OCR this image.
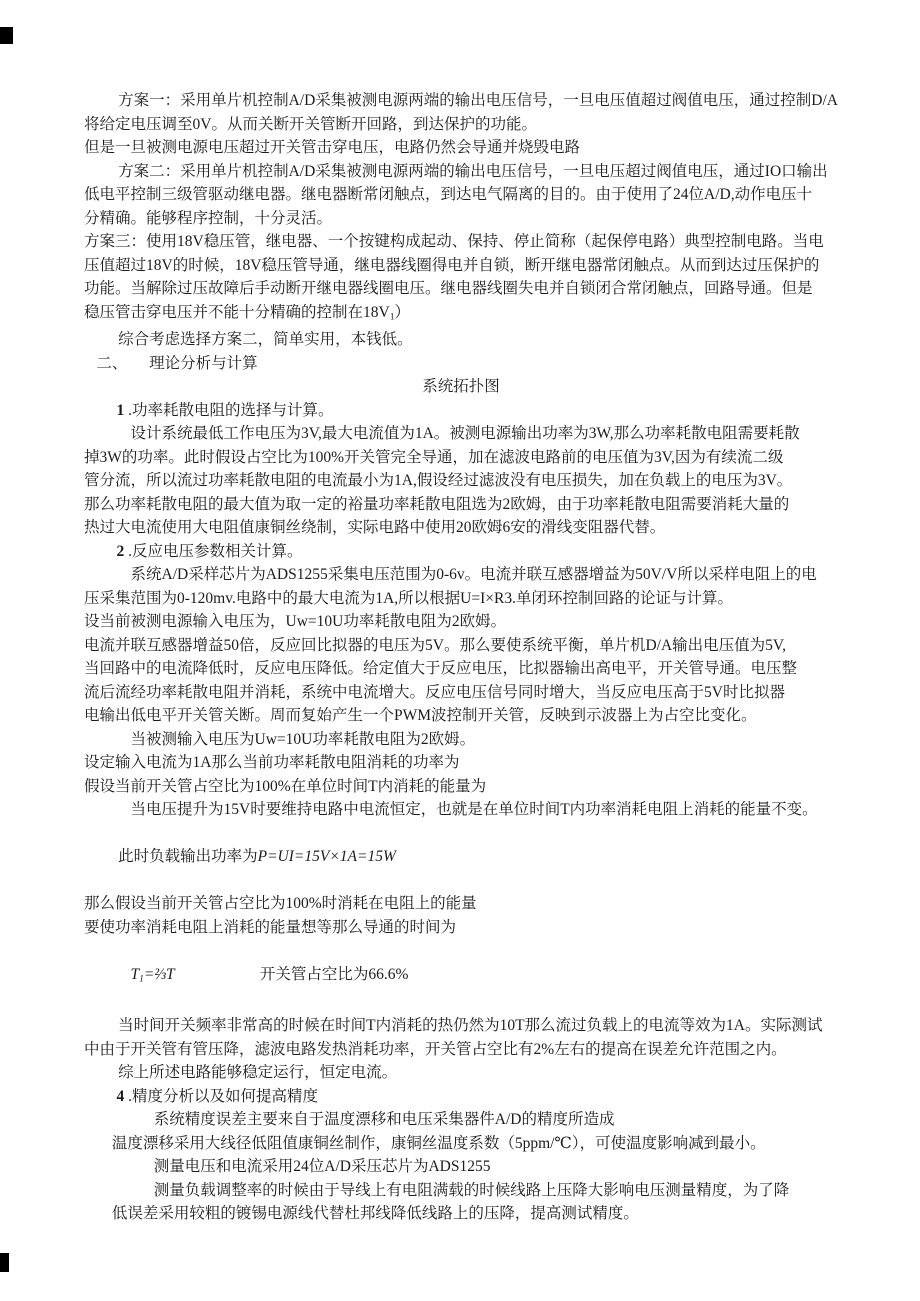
方案一：采用单片机控制A/D采集被测电源两端的输出电压信号，一旦电压值超过阀值电压，通过控制D/A
将给定电压调至0V。从而关断开关管断开回路，到达保护的功能。
但是一旦被测电源电压超过开关管击穿电压，电路仍然会导通并烧毁电路
方案二：采用单片机控制A/D采集被测电源两端的输出电压信号，一旦电压超过阀值电压，通过IO口输出
低电平控制三级管驱动继电器。继电器断常闭触点，到达电气隔离的目的。由于使用了24位A/D,动作电压十
分精确。能够程序控制，十分灵活。
方案三：使用18V稳压管，继电器、一个按键构成起动、保持、停止简称（起保停电路）典型控制电路。当电
压值超过18V的时候，18V稳压管导通，继电器线圈得电并自锁，断开继电器常闭触点。从而到达过压保护的
功能。当解除过压故障后手动断开继电器线圈电压。继电器线圈失电并自锁闭合常闭触点，回路导通。但是
稳压管击穿电压并不能十分精确的控制在$18V_1$）
综合考虑选择方案二，简单实用，本钱低。
二、 理论分析与计算
系统拓扑图
1 .功率耗散电阻的选择与计算。
设计系统最低工作电压为3V,最大电流值为1A。被测电源输出功率为3W,那么功率耗散电阻需要耗散
掉3W的功率。此时假设占空比为100%开关管完全导通，加在滤波电路前的电压值为3V,因为有续流二级
管分流，所以流过功率耗散电阻的电流最小为1A,假设经过滤波没有电压损失，加在负载上的电压为3V。
那么功率耗散电阻的最大值为取一定的裕量功率耗散电阻选为2欧姆，由于功率耗散电阻需要消耗大量的
热过大电流使用大电阻值康铜丝绕制，实际电路中使用20欧姆6安的滑线变阻器代替。
2 .反应电压参数相关计算。
系统A/D采样芯片为ADS1255采集电压范围为0-6v。电流并联互感器增益为50V/V所以采样电阻上的电
压采集范围为0-120mv.电路中的最大电流为1A,所以根据U=I×R3.单闭环控制回路的论证与计算。
设当前被测电源输入电压为，Uw=10U功率耗散电阻为2欧姆。
电流并联互感器增益50倍，反应回比拟器的电压为5V。那么要使系统平衡，单片机D/A输出电压值为5V,
当回路中的电流降低时，反应电压降低。给定值大于反应电压，比拟器输出高电平，开关管导通。电压整
流后流经功率耗散电阻并消耗，系统中电流增大。反应电压信号同时增大，当反应电压高于5V时比拟器
电输出低电平开关管关断。周而复始产生一个PWM波控制开关管，反映到示波器上为占空比变化。
当被测输入电压为Uw=10U功率耗散电阻为2欧姆。
设定输入电流为1A那么当前功率耗散电阻消耗的功率为
假设当前开关管占空比为100%在单位时间T内消耗的能量为
当电压提升为15V时要维持电路中电流恒定，也就是在单位时间T内功率消耗电阻上消耗的能量不变。
此时负载输出功率为P=UI=15V×1A=15W
那么假设当前开关管占空比为100%时消耗在电阻上的能量
要使功率消耗电阻上消耗的能量想等那么导通的时间为
$T_1=\frac{2}{3}T$	开关管占空比为66.6%
当时间开关频率非常高的时候在时间T内消耗的热仍然为10T那么流过负载上的电流等效为1A。实际测试
中由于开关管有管压降，滤波电路发热消耗功率，开关管占空比有2%左右的提高在误差允许范围之内。
综上所述电路能够稳定运行，恒定电流。
4 .精度分析以及如何提高精度
系统精度误差主要来自于温度漂移和电压采集器件A/D的精度所造成
温度漂移采用大线径低阻值康铜丝制作，康铜丝温度系数（5ppm/℃），可使温度影响减到最小。
测量电压和电流采用24位A/D采压芯片为ADS1255
测量负载调整率的时候由于导线上有电阻满载的时候线路上压降大影响电压测量精度，为了降
低误差采用较粗的镀锡电源线代替杜邦线降低线路上的压降，提高测试精度。
